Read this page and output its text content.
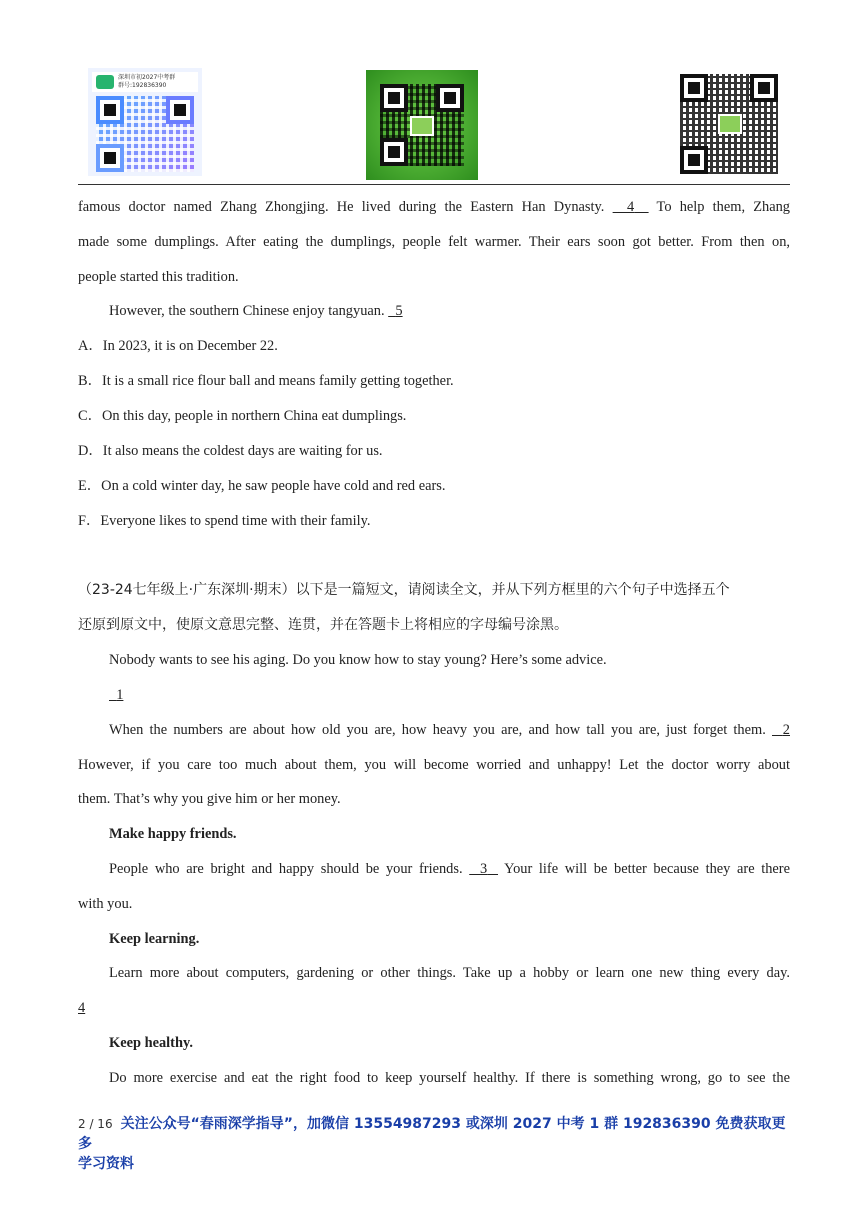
深圳市初2027中考群
群号:192836390
famous doctor named Zhang Zhongjing. He lived during the Eastern Han Dynasty. 4 To help them, Zhang
made some dumplings. After eating the dumplings, people felt warmer. Their ears soon got better. From then on,
people started this tradition.
However, the southern Chinese enjoy tangyuan. 5
A．In 2023, it is on December 22.
B．It is a small rice flour ball and means family getting together.
C．On this day, people in northern China eat dumplings.
D．It also means the coldest days are waiting for us.
E．On a cold winter day, he saw people have cold and red ears.
F．Everyone likes to spend time with their family.
（23-24七年级上·广东深圳·期末）以下是一篇短文，请阅读全文，并从下列方框里的六个句子中选择五个
还原到原文中，使原文意思完整、连贯，并在答题卡上将相应的字母编号涂黑。
Nobody wants to see his aging. Do you know how to stay young? Here’s some advice.
1
When the numbers are about how old you are, how heavy you are, and how tall you are, just forget them. 2
However, if you care too much about them, you will become worried and unhappy! Let the doctor worry about
them. That’s why you give him or her money.
Make happy friends.
People who are bright and happy should be your friends. 3 Your life will be better because they are there
with you.
Keep learning.
Learn more about computers, gardening or other things. Take up a hobby or learn one new thing every day.
4
Keep healthy.
Do more exercise and eat the right food to keep yourself healthy. If there is something wrong, go to see the
2 / 16 关注公众号“春雨深学指导”，加微信 13554987293 或深圳 2027 中考 1 群 192836390 免费获取更多
学习资料
